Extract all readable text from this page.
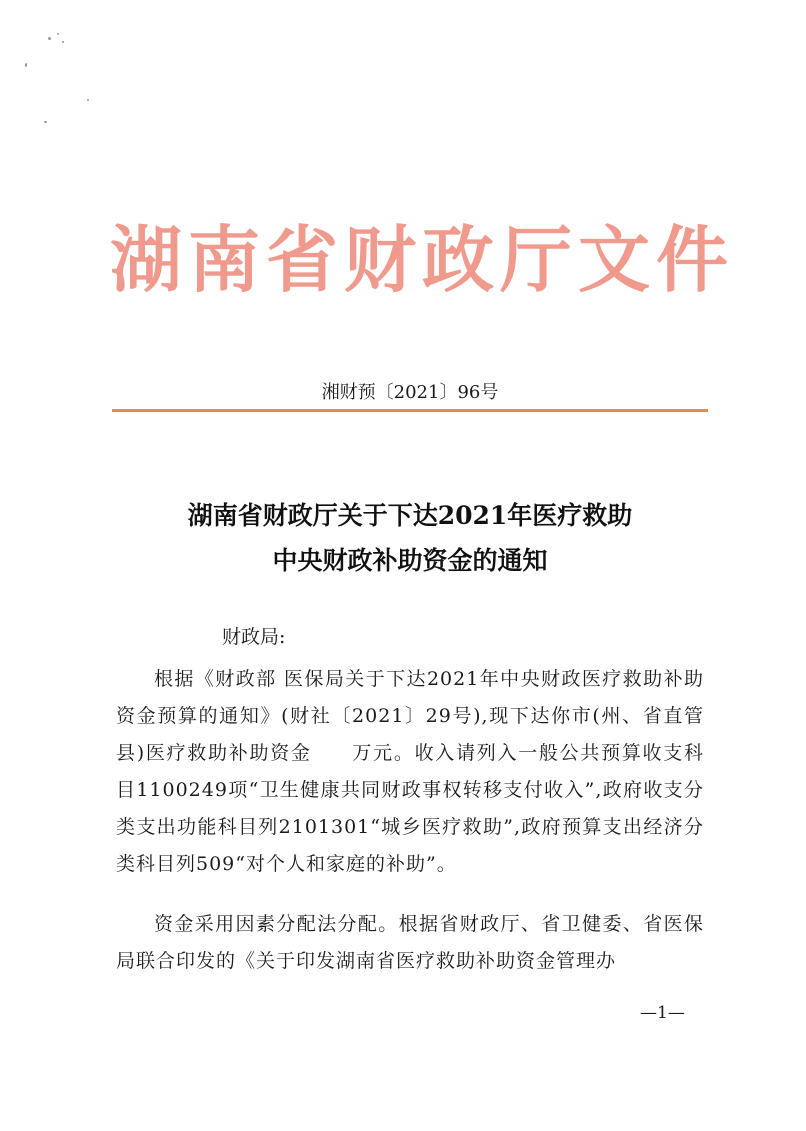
湖南省财政厅文件
湘财预〔2021〕96号
湖南省财政厅关于下达2021年医疗救助
中央财政补助资金的通知
财政局:

根据《财政部 医保局关于下达2021年中央财政医疗救助补助资金预算的通知》(财社〔2021〕29号),现下达你市(州、省直管县)医疗救助补助资金 万元。收入请列入一般公共预算收支科目1100249项“卫生健康共同财政事权转移支付收入”,政府收支分类支出功能科目列2101301“城乡医疗救助”,政府预算支出经济分类科目列509“对个人和家庭的补助”。

资金采用因素分配法分配。根据省财政厅、省卫健委、省医保局联合印发的《关于印发湖南省医疗救助补助资金管理办

—1—
